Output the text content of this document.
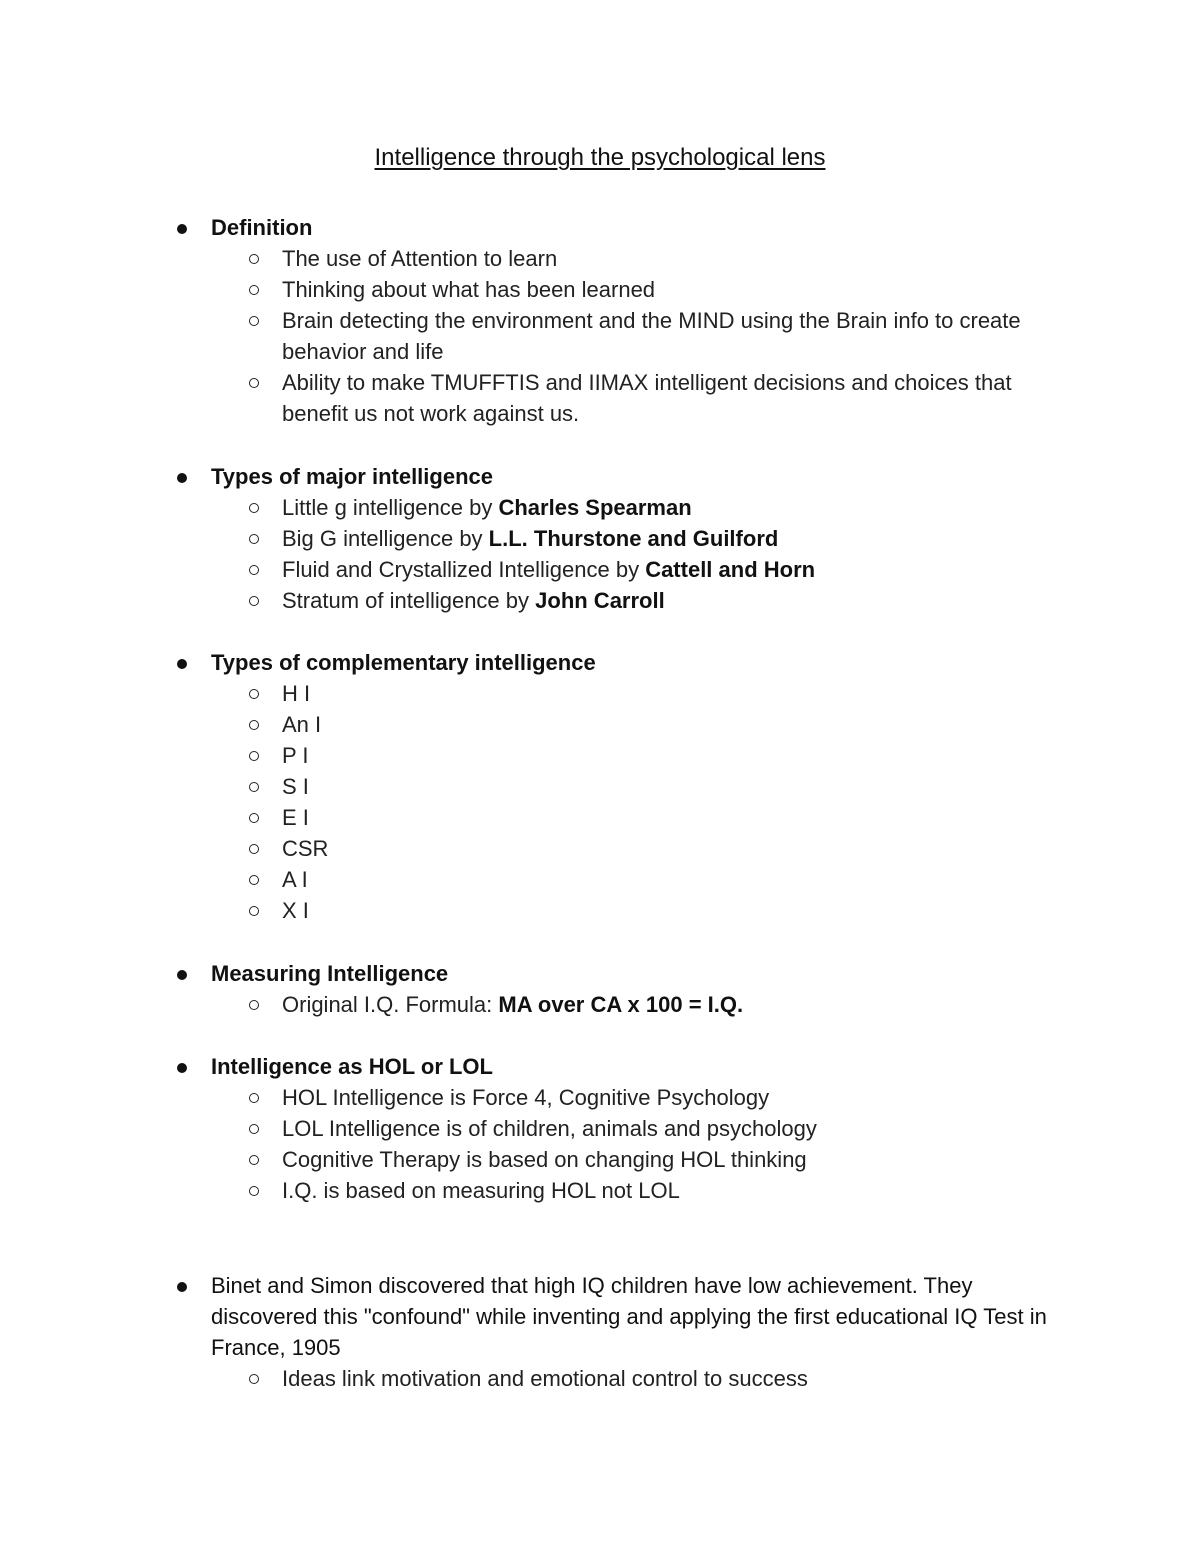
Intelligence through the psychological lens
Definition
The use of Attention to learn
Thinking about what has been learned
Brain detecting the environment and the MIND using the Brain info to create behavior and life
Ability to make TMUFFTIS and IIMAX intelligent decisions and choices that benefit us not work against us.
Types of major intelligence
Little g intelligence by Charles Spearman
Big G intelligence by L.L. Thurstone and Guilford
Fluid and Crystallized Intelligence by Cattell and Horn
Stratum of intelligence by John Carroll
Types of complementary intelligence
H I
An I
P I
S I
E I
CSR
A I
X I
Measuring Intelligence
Original I.Q. Formula: MA over CA x 100 = I.Q.
Intelligence as HOL or LOL
HOL Intelligence is Force 4, Cognitive Psychology
LOL Intelligence is of children, animals and psychology
Cognitive Therapy is based on changing HOL thinking
I.Q. is based on measuring HOL not LOL
Binet and Simon discovered that high IQ children have low achievement. They discovered this "confound" while inventing and applying the first educational IQ Test in France, 1905
Ideas link motivation and emotional control to success
